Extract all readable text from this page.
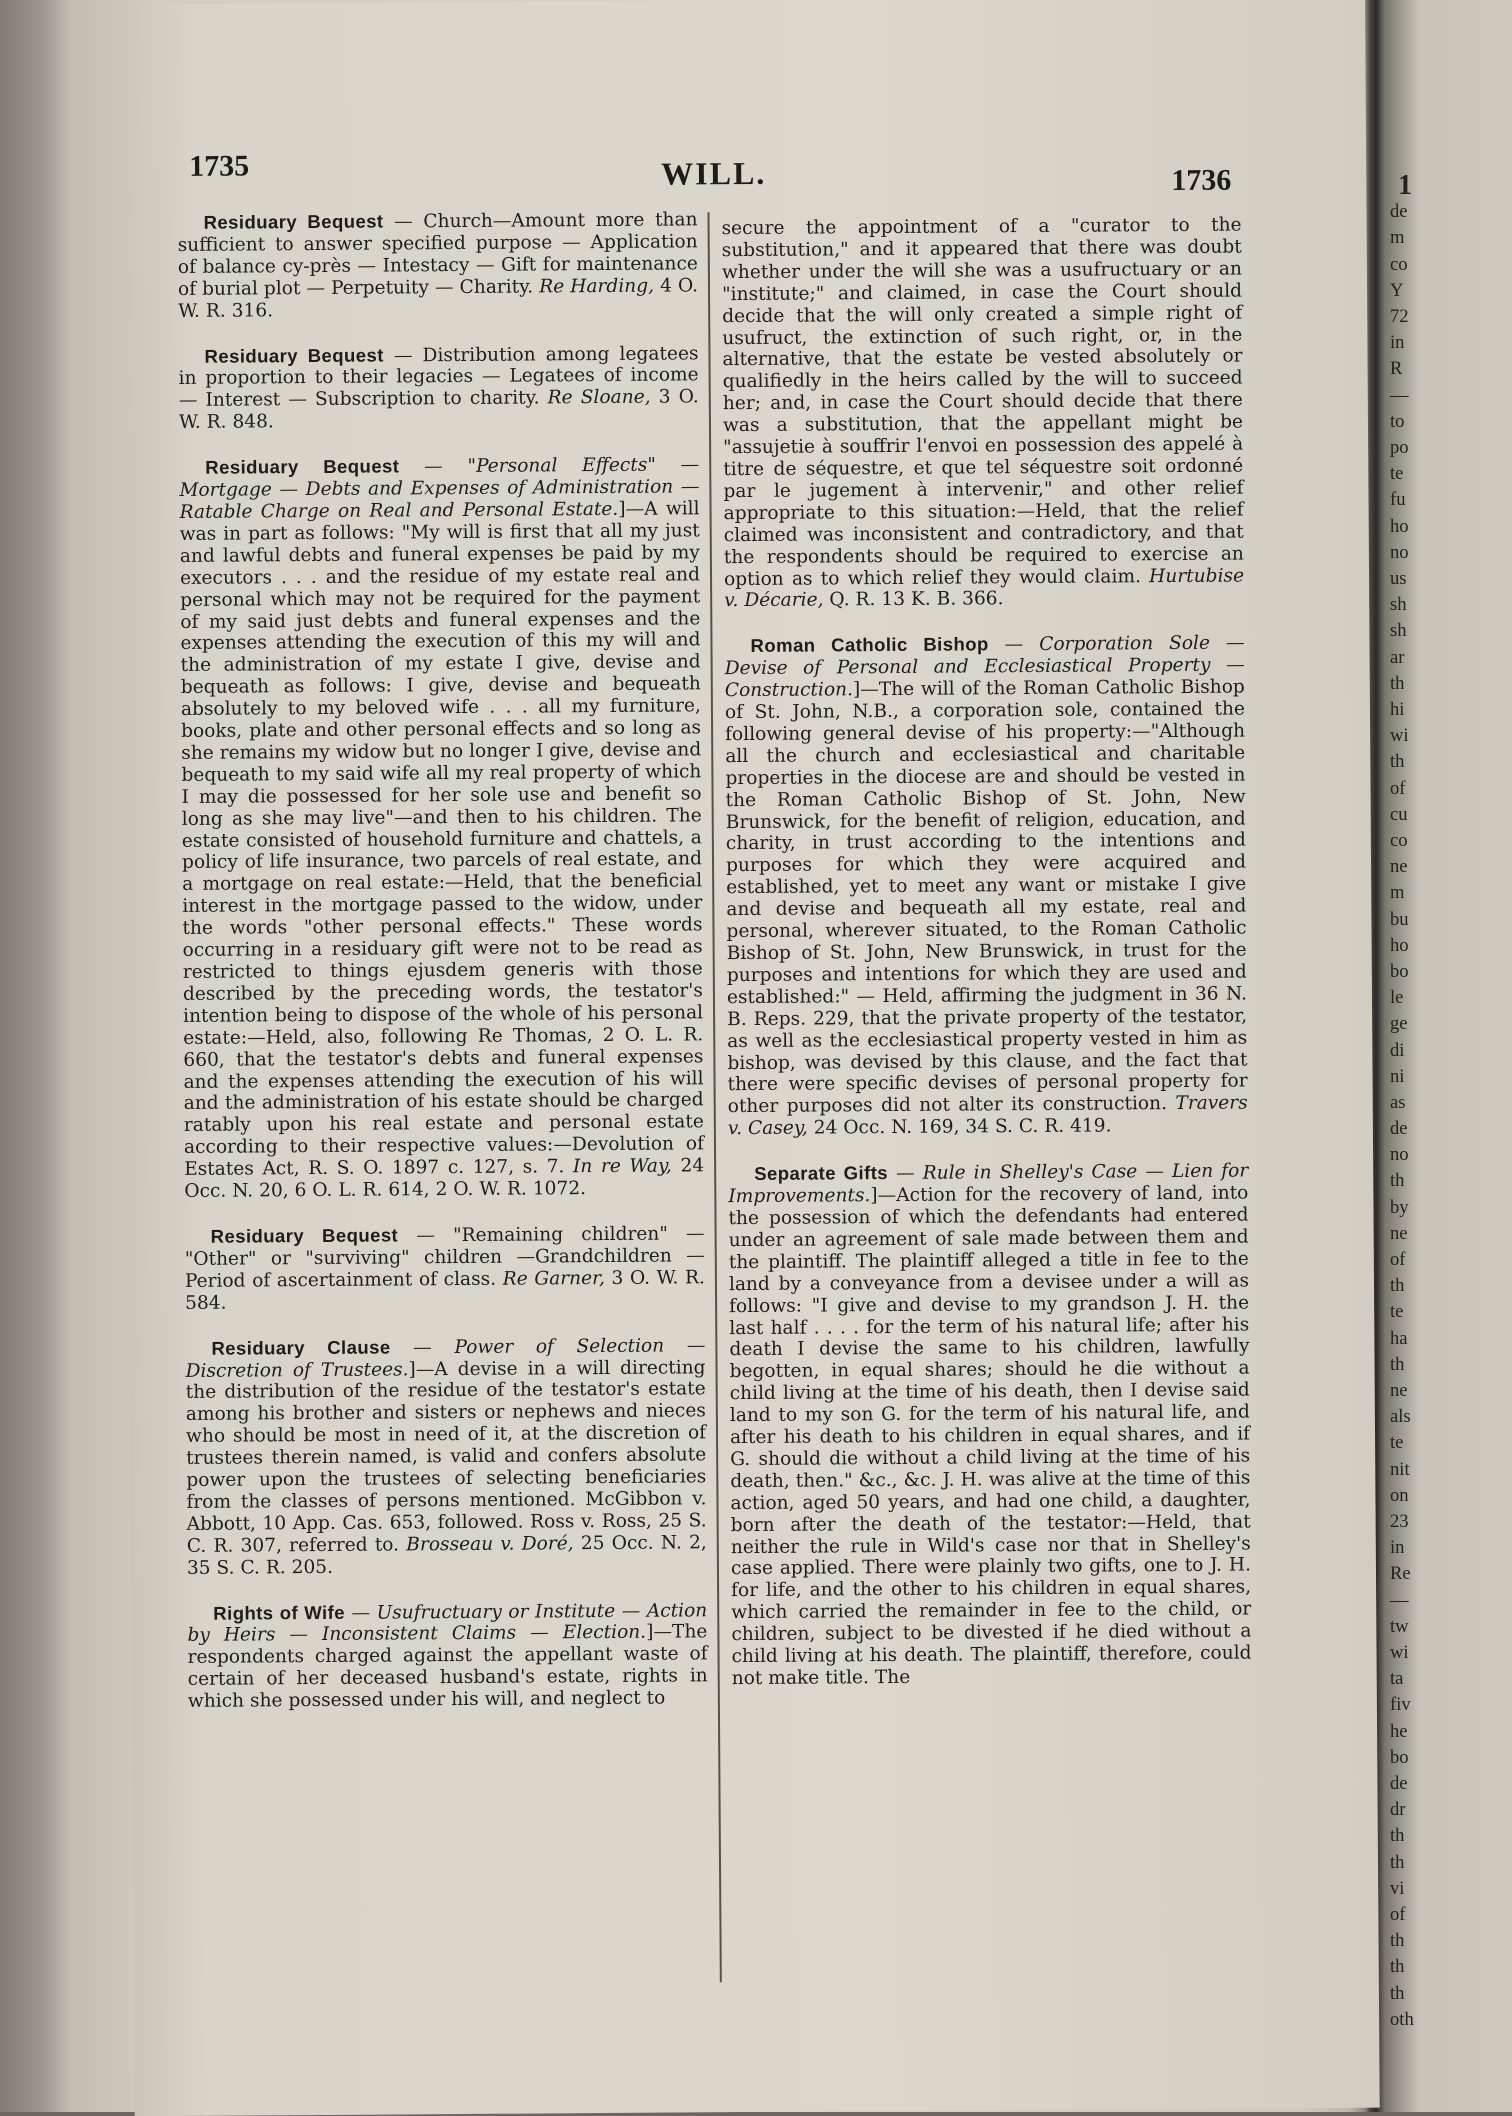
1735	WILL.	1736

Residuary Bequest — Church—Amount more than sufficient to answer specified purpose — Application of balance cy-près — Intestacy — Gift for maintenance of burial plot — Perpetuity — Charity. Re Harding, 4 O. W. R. 316.

Residuary Bequest — Distribution among legatees in proportion to their legacies — Legatees of income — Interest — Subscription to charity. Re Sloane, 3 O. W. R. 848.

Residuary Bequest — "Personal Effects" — Mortgage — Debts and Expenses of Administration — Ratable Charge on Real and Personal Estate.]—A will was in part as follows: "My will is first that all my just and lawful debts and funeral expenses be paid by my executors . . . and the residue of my estate real and personal which may not be required for the payment of my said just debts and funeral expenses and the expenses attending the execution of this my will and the administration of my estate I give, devise and bequeath as follows: I give, devise and bequeath absolutely to my beloved wife . . . all my furniture, books, plate and other personal effects and so long as she remains my widow but no longer I give, devise and bequeath to my said wife all my real property of which I may die possessed for her sole use and benefit so long as she may live"—and then to his children. The estate consisted of household furniture and chattels, a policy of life insurance, two parcels of real estate, and a mortgage on real estate:—Held, that the beneficial interest in the mortgage passed to the widow, under the words "other personal effects." These words occurring in a residuary gift were not to be read as restricted to things ejusdem generis with those described by the preceding words, the testator's intention being to dispose of the whole of his personal estate:—Held, also, following Re Thomas, 2 O. L. R. 660, that the testator's debts and funeral expenses and the expenses attending the execution of his will and the administration of his estate should be charged ratably upon his real estate and personal estate according to their respective values:—Devolution of Estates Act, R. S. O. 1897 c. 127, s. 7. In re Way, 24 Occ. N. 20, 6 O. L. R. 614, 2 O. W. R. 1072.

Residuary Bequest — "Remaining children" — "Other" or "surviving" children —Grandchildren — Period of ascertainment of class. Re Garner, 3 O. W. R. 584.

Residuary Clause — Power of Selection — Discretion of Trustees.]—A devise in a will directing the distribution of the residue of the testator's estate among his brother and sisters or nephews and nieces who should be most in need of it, at the discretion of trustees therein named, is valid and confers absolute power upon the trustees of selecting beneficiaries from the classes of persons mentioned. McGibbon v. Abbott, 10 App. Cas. 653, followed. Ross v. Ross, 25 S. C. R. 307, referred to. Brosseau v. Doré, 25 Occ. N. 2, 35 S. C. R. 205.

Rights of Wife — Usufructuary or Institute — Action by Heirs — Inconsistent Claims — Election.]—The respondents charged against the appellant waste of certain of her deceased husband's estate, rights in which she possessed under his will, and neglect to

secure the appointment of a "curator to the substitution," and it appeared that there was doubt whether under the will she was a usufructuary or an "institute;" and claimed, in case the Court should decide that the will only created a simple right of usufruct, the extinction of such right, or, in the alternative, that the estate be vested absolutely or qualifiedly in the heirs called by the will to succeed her; and, in case the Court should decide that there was a substitution, that the appellant might be "assujetie à souffrir l'envoi en possession des appelé à titre de séquestre, et que tel séquestre soit ordonné par le jugement à intervenir," and other relief appropriate to this situation:—Held, that the relief claimed was inconsistent and contradictory, and that the respondents should be required to exercise an option as to which relief they would claim. Hurtubise v. Décarie, Q. R. 13 K. B. 366.

Roman Catholic Bishop — Corporation Sole — Devise of Personal and Ecclesiastical Property — Construction.]—The will of the Roman Catholic Bishop of St. John, N.B., a corporation sole, contained the following general devise of his property:—"Although all the church and ecclesiastical and charitable properties in the diocese are and should be vested in the Roman Catholic Bishop of St. John, New Brunswick, for the benefit of religion, education, and charity, in trust according to the intentions and purposes for which they were acquired and established, yet to meet any want or mistake I give and devise and bequeath all my estate, real and personal, wherever situated, to the Roman Catholic Bishop of St. John, New Brunswick, in trust for the purposes and intentions for which they are used and established:" — Held, affirming the judgment in 36 N. B. Reps. 229, that the private property of the testator, as well as the ecclesiastical property vested in him as bishop, was devised by this clause, and the fact that there were specific devises of personal property for other purposes did not alter its construction. Travers v. Casey, 24 Occ. N. 169, 34 S. C. R. 419.

Separate Gifts — Rule in Shelley's Case — Lien for Improvements.]—Action for the recovery of land, into the possession of which the defendants had entered under an agreement of sale made between them and the plaintiff. The plaintiff alleged a title in fee to the land by a conveyance from a devisee under a will as follows: "I give and devise to my grandson J. H. the last half . . . . for the term of his natural life; after his death I devise the same to his children, lawfully begotten, in equal shares; should he die without a child living at the time of his death, then I devise said land to my son G. for the term of his natural life, and after his death to his children in equal shares, and if G. should die without a child living at the time of his death, then." &c., &c. J. H. was alive at the time of this action, aged 50 years, and had one child, a daughter, born after the death of the testator:—Held, that neither the rule in Wild's case nor that in Shelley's case applied. There were plainly two gifts, one to J. H. for life, and the other to his children in equal shares, which carried the remainder in fee to the child, or children, subject to be divested if he died without a child living at his death. The plaintiff, therefore, could not make title. The

1
de
m
co
Y
72
in
R
—
to
po
te
fu
ho
no
us
sh
sh
ar
th
hi
wi
th
of
cu
co
ne
m
bu
ho
bo
le
ge
di
ni
as
de
no
th
by
ne
of
th
te
ha
th
ne
als
te
nit
on
23
in
Re
—
tw
wi
ta
fiv
he
bo
de
dr
th
th
vi
of
th
th
th
oth
